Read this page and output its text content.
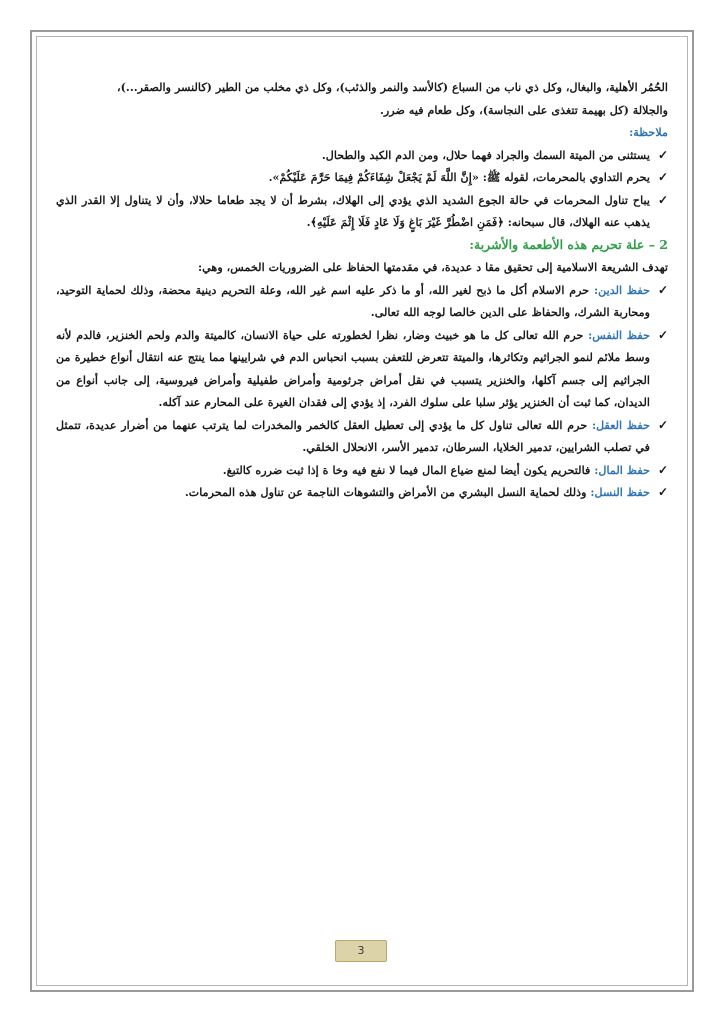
الحُمُر الأهلية، والبغال، وكل ذي ناب من السباع (كالأسد والنمر والذئب)، وكل ذي مخلب من الطير (كالنسر والصقر...)،

والجلالة (كل بهيمة تتغذى على النجاسة)، وكل طعام فيه ضرر.

ملاحظة:

✓
يستثنى من الميتة السمك والجراد فهما حلال، ومن الدم الكبد والطحال.
✓
يحرم التداوي بالمحرمات، لقوله ﷺ: «إِنَّ اللَّهَ لَمْ يَجْعَلْ شِفَاءَكُمْ فِيمَا حَرَّمَ عَلَيْكُمْ».
✓
يباح تناول المحرمات في حالة الجوع الشديد الذي يؤدي إلى الهلاك، بشرط أن لا يجد طعاما حلالا، وأن لا يتناول إلا القدر الذي يذهب عنه الهلاك، قال سبحانه: ﴿فَمَنِ اضْطُرَّ غَيْرَ بَاغٍ وَلَا عَادٍ فَلَا إِثْمَ عَلَيْهِ﴾.

2 – علة تحريم هذه الأطعمة والأشربة:

تهدف الشريعة الاسلامية إلى تحقيق مقا د عديدة، في مقدمتها الحفاظ على الضروريات الخمس، وهي:

✓
حفظ الدين: حرم الاسلام أكل ما ذبح لغير الله، أو ما ذكر عليه اسم غير الله، وعلة التحريم دينية محضة، وذلك لحماية التوحيد، ومحاربة الشرك، والحفاظ على الدين خالصا لوجه الله تعالى.
✓
حفظ النفس: حرم الله تعالى كل ما هو خبيث وضار، نظرا لخطورته على حياة الانسان، كالميتة والدم ولحم الخنزير، فالدم لأنه وسط ملائم لنمو الجراثيم وتكاثرها، والميتة تتعرض للتعفن بسبب انحباس الدم في شرايينها مما ينتج عنه انتقال أنواع خطيرة من الجراثيم إلى جسم آكلها، والخنزير يتسبب في نقل أمراض جرثومية وأمراض طفيلية وأمراض فيروسية، إلى جانب أنواع من الديدان، كما ثبت أن الخنزير يؤثر سلبا على سلوك الفرد، إذ يؤدي إلى فقدان الغيرة على المحارم عند آكله.
✓
حفظ العقل: حرم الله تعالى تناول كل ما يؤدي إلى تعطيل العقل كالخمر والمخدرات لما يترتب عنهما من أضرار عديدة، تتمثل في تصلب الشرايين، تدمير الخلايا، السرطان، تدمير الأسر، الانحلال الخلقي.
✓
حفظ المال: فالتحريم يكون أيضا لمنع ضياع المال فيما لا نفع فيه وخا ة إذا ثبت ضرره كالتبغ.
✓
حفظ النسل: وذلك لحماية النسل البشري من الأمراض والتشوهات الناجمة عن تناول هذه المحرمات.
3
